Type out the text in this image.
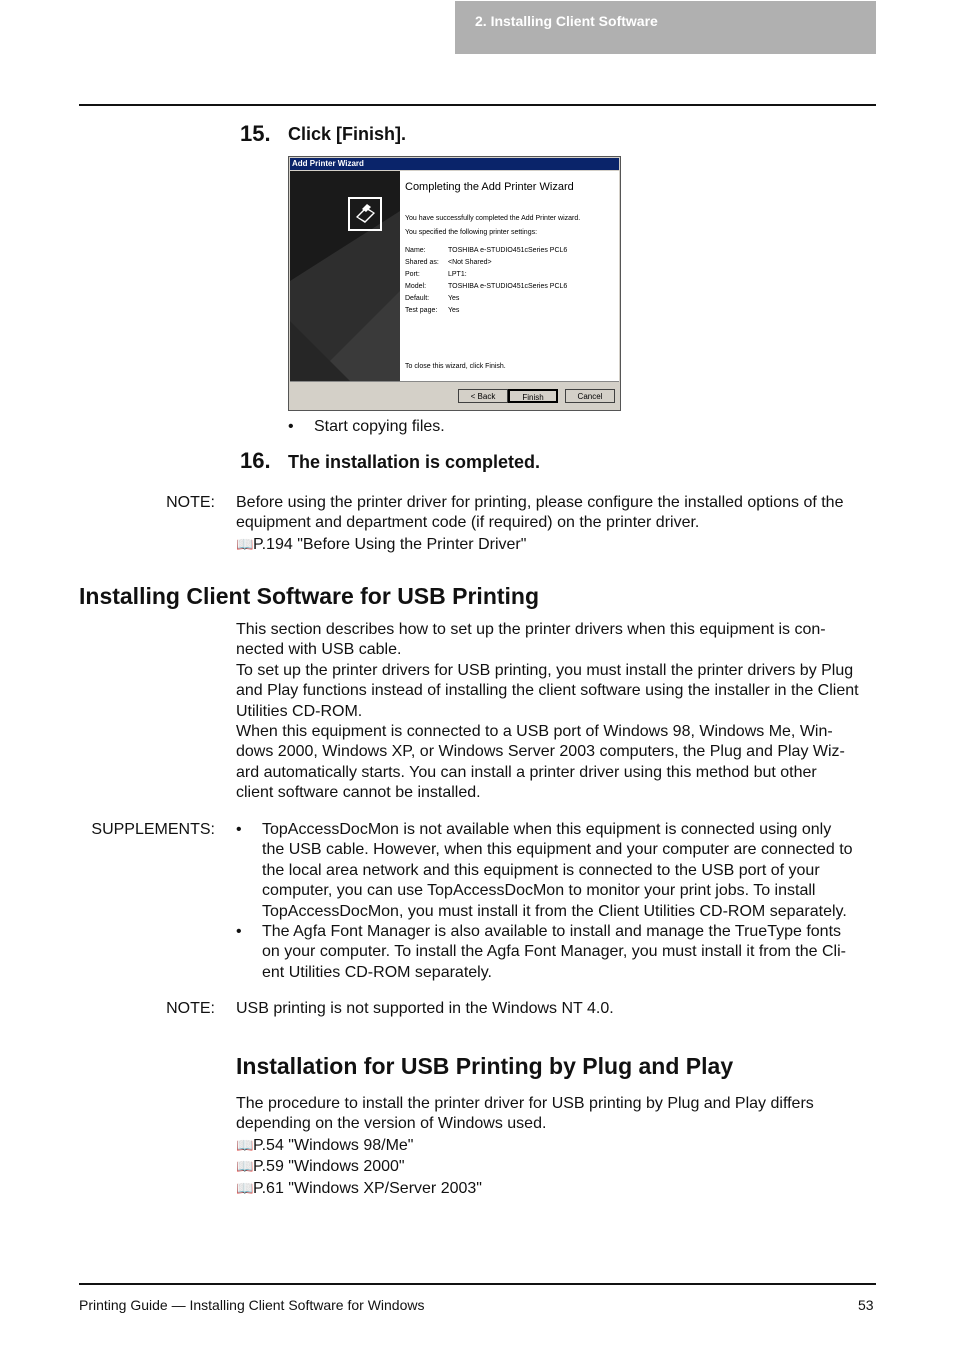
2. Installing Client Software
15. Click [Finish].
Add Printer Wizard
Completing the Add Printer Wizard
You have successfully completed the Add Printer wizard.
You specified the following printer settings:
Name:	TOSHIBA e-STUDIO451cSeries PCL6
Shared as: <Not Shared>
Port:	LPT1:
Model:	TOSHIBA e-STUDIO451cSeries PCL6
Default:	Yes
Test page: Yes
To close this wizard, click Finish.
< Back	Finish	Cancel
• Start copying files.
16. The installation is completed.
NOTE: Before using the printer driver for printing, please configure the installed options of the
equipment and department code (if required) on the printer driver.
📖P.194 "Before Using the Printer Driver"
Installing Client Software for USB Printing
This section describes how to set up the printer drivers when this equipment is con-
nected with USB cable.
To set up the printer drivers for USB printing, you must install the printer drivers by Plug
and Play functions instead of installing the client software using the installer in the Client
Utilities CD-ROM.
When this equipment is connected to a USB port of Windows 98, Windows Me, Win-
dows 2000, Windows XP, or Windows Server 2003 computers, the Plug and Play Wiz-
ard automatically starts. You can install a printer driver using this method but other
client software cannot be installed.
SUPPLEMENTS: • TopAccessDocMon is not available when this equipment is connected using only
the USB cable. However, when this equipment and your computer are connected to
the local area network and this equipment is connected to the USB port of your
computer, you can use TopAccessDocMon to monitor your print jobs. To install
TopAccessDocMon, you must install it from the Client Utilities CD-ROM separately.
• The Agfa Font Manager is also available to install and manage the TrueType fonts
on your computer. To install the Agfa Font Manager, you must install it from the Cli-
ent Utilities CD-ROM separately.
NOTE: USB printing is not supported in the Windows NT 4.0.
Installation for USB Printing by Plug and Play
The procedure to install the printer driver for USB printing by Plug and Play differs
depending on the version of Windows used.
📖P.54 "Windows 98/Me"
📖P.59 "Windows 2000"
📖P.61 "Windows XP/Server 2003"
Printing Guide — Installing Client Software for Windows	53
